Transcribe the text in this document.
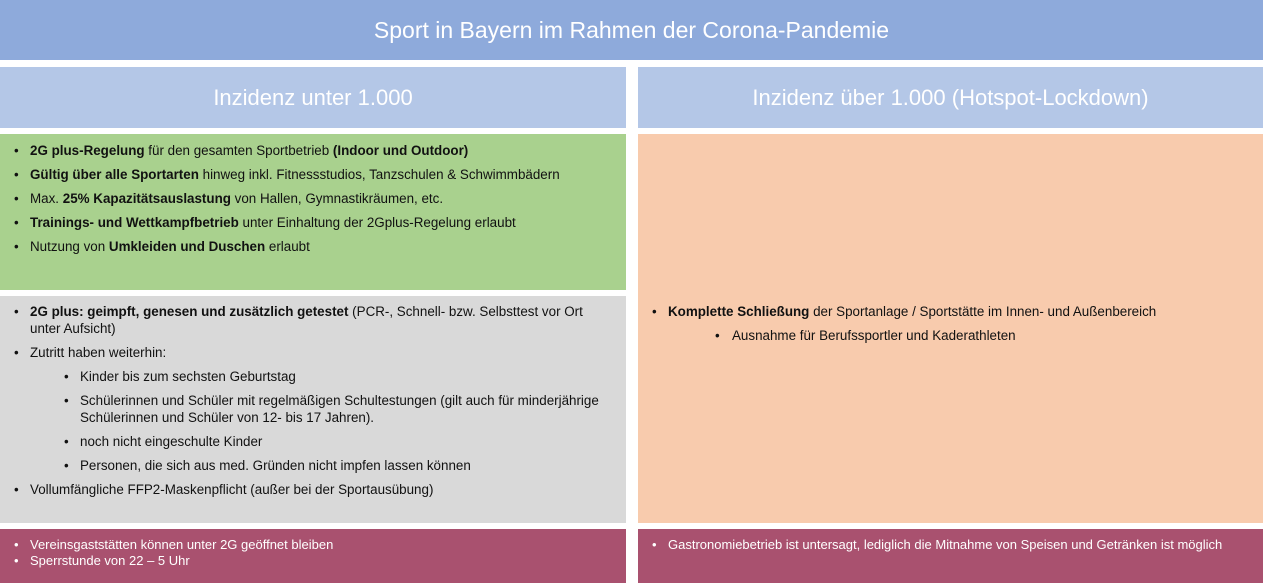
Sport in Bayern im Rahmen der Corona-Pandemie
Inzidenz unter 1.000	Inzidenz über 1.000 (Hotspot-Lockdown)
• 2G plus-Regelung für den gesamten Sportbetrieb (Indoor und Outdoor)
• Gültig über alle Sportarten hinweg inkl. Fitnessstudios, Tanzschulen & Schwimmbädern
• Max. 25% Kapazitätsauslastung von Hallen, Gymnastikräumen, etc.
• Trainings- und Wettkampfbetrieb unter Einhaltung der 2Gplus-Regelung erlaubt
• Nutzung von Umkleiden und Duschen erlaubt
• 2G plus: geimpft, genesen und zusätzlich getestet (PCR-, Schnell- bzw. Selbsttest vor Ort unter Aufsicht)
• Zutritt haben weiterhin:
• Kinder bis zum sechsten Geburtstag
• Schülerinnen und Schüler mit regelmäßigen Schultestungen (gilt auch für minderjährige Schülerinnen und Schüler von 12- bis 17 Jahren).
• noch nicht eingeschulte Kinder
• Personen, die sich aus med. Gründen nicht impfen lassen können
• Vollumfängliche FFP2-Maskenpflicht (außer bei der Sportausübung)
• Komplette Schließung der Sportanlage / Sportstätte im Innen- und Außenbereich
• Ausnahme für Berufssportler und Kaderathleten
• Vereinsgaststätten können unter 2G geöffnet bleiben
• Sperrstunde von 22 – 5 Uhr
• Gastronomiebetrieb ist untersagt, lediglich die Mitnahme von Speisen und Getränken ist möglich
